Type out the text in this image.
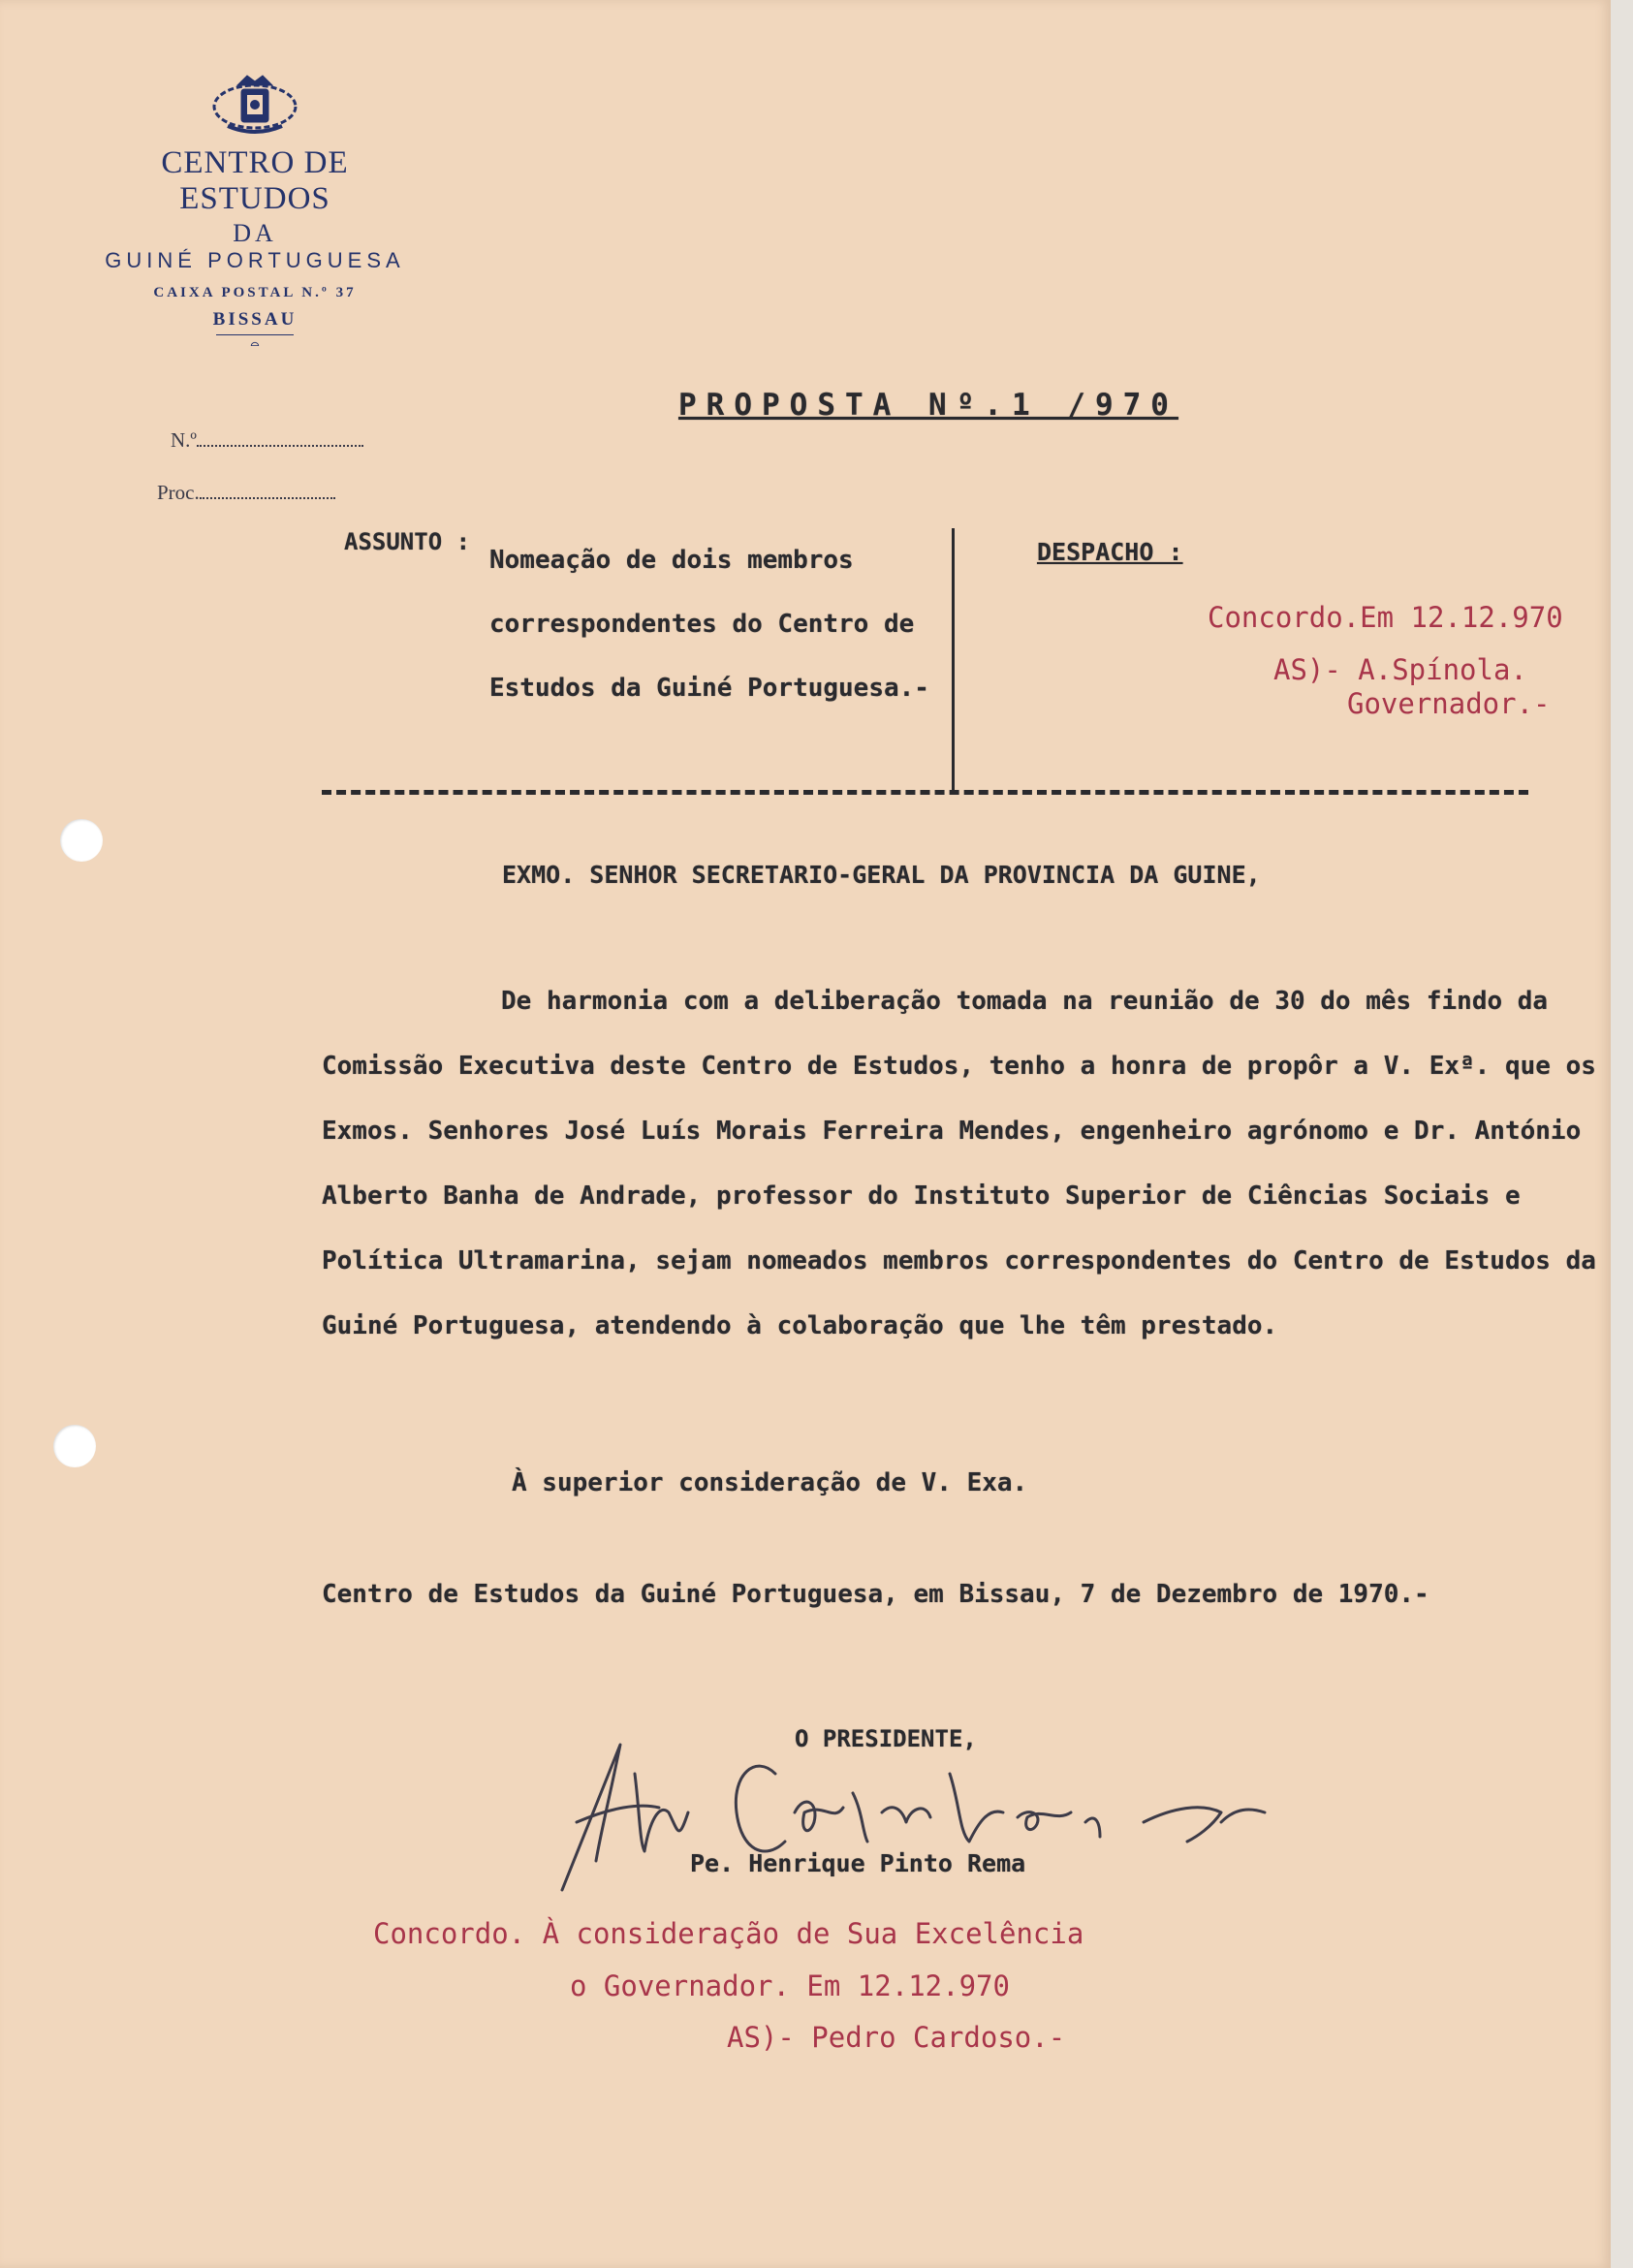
CENTRO DE ESTUDOS
DA
GUINÉ PORTUGUESA
CAIXA POSTAL N.º 37
BISSAU
⌓
PROPOSTA Nº.1 /970
N.º
Proc.
ASSUNTO :
Nomeação de dois membros correspondentes do Centro de Estudos da Guiné Portuguesa.-
DESPACHO :
Concordo.Em 12.12.970
AS)- A.Spínola.
Governador.-
EXMO. SENHOR SECRETARIO-GERAL DA PROVINCIA DA GUINE,

De harmonia com a deliberação tomada na reunião de 30 do mês findo da Comissão Executiva deste Centro de Estudos, tenho a honra de propôr a V. Exª. que os Exmos. Senhores José Luís Morais Ferreira Mendes, engenheiro agrónomo e Dr. António Alberto Banha de Andrade, professor do Instituto Superior de Ciências Sociais e Política Ultramarina, sejam nomeados membros correspondentes do Centro de Estudos da Guiné Portuguesa, atendendo à colaboração que lhe têm prestado.

À superior consideração de V. Exa.
Centro de Estudos da Guiné Portuguesa, em Bissau, 7 de Dezembro de 1970.-
O PRESIDENTE,
Pe. Henrique Pinto Rema
Concordo. À consideração de Sua Excelência
o Governador. Em 12.12.970
AS)- Pedro Cardoso.-
